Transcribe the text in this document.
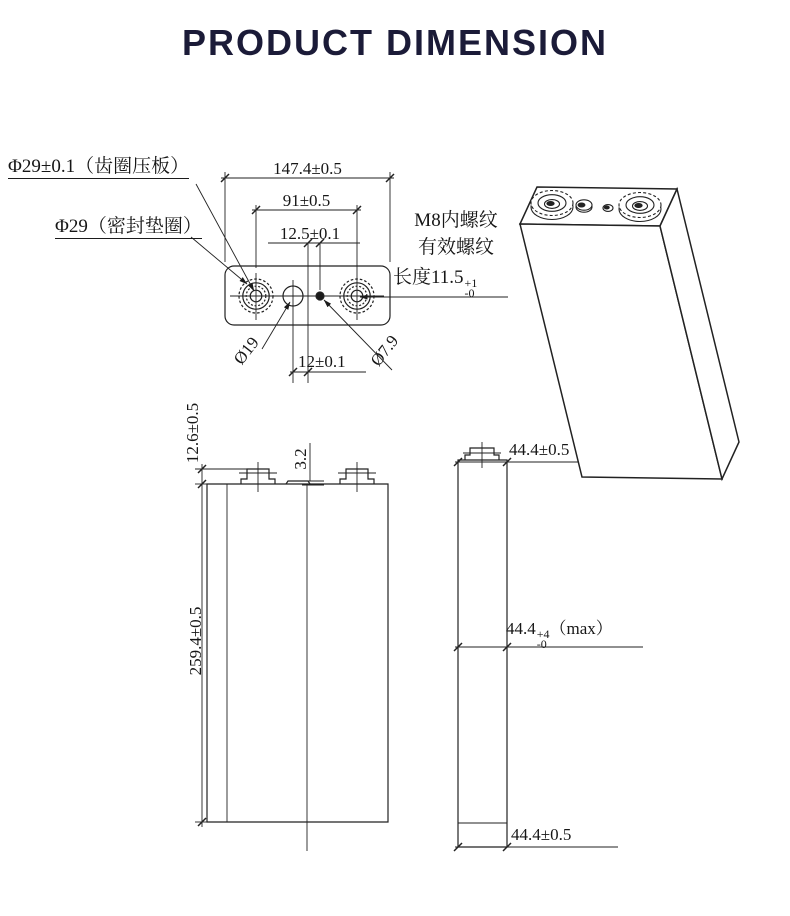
PRODUCT DIMENSION
Φ29±0.1（齿圈压板）
Φ29（密封垫圈）
147.4±0.5
91±0.5
12.5±0.1
12±0.1
Ø19	Ø7.9
M8内螺纹
有效螺纹
长度11.5 +1
-0
12.6±0.5	3.2
259.4±0.5
44.4±0.5
44.4 +4
-0
（max）
44.4±0.5
